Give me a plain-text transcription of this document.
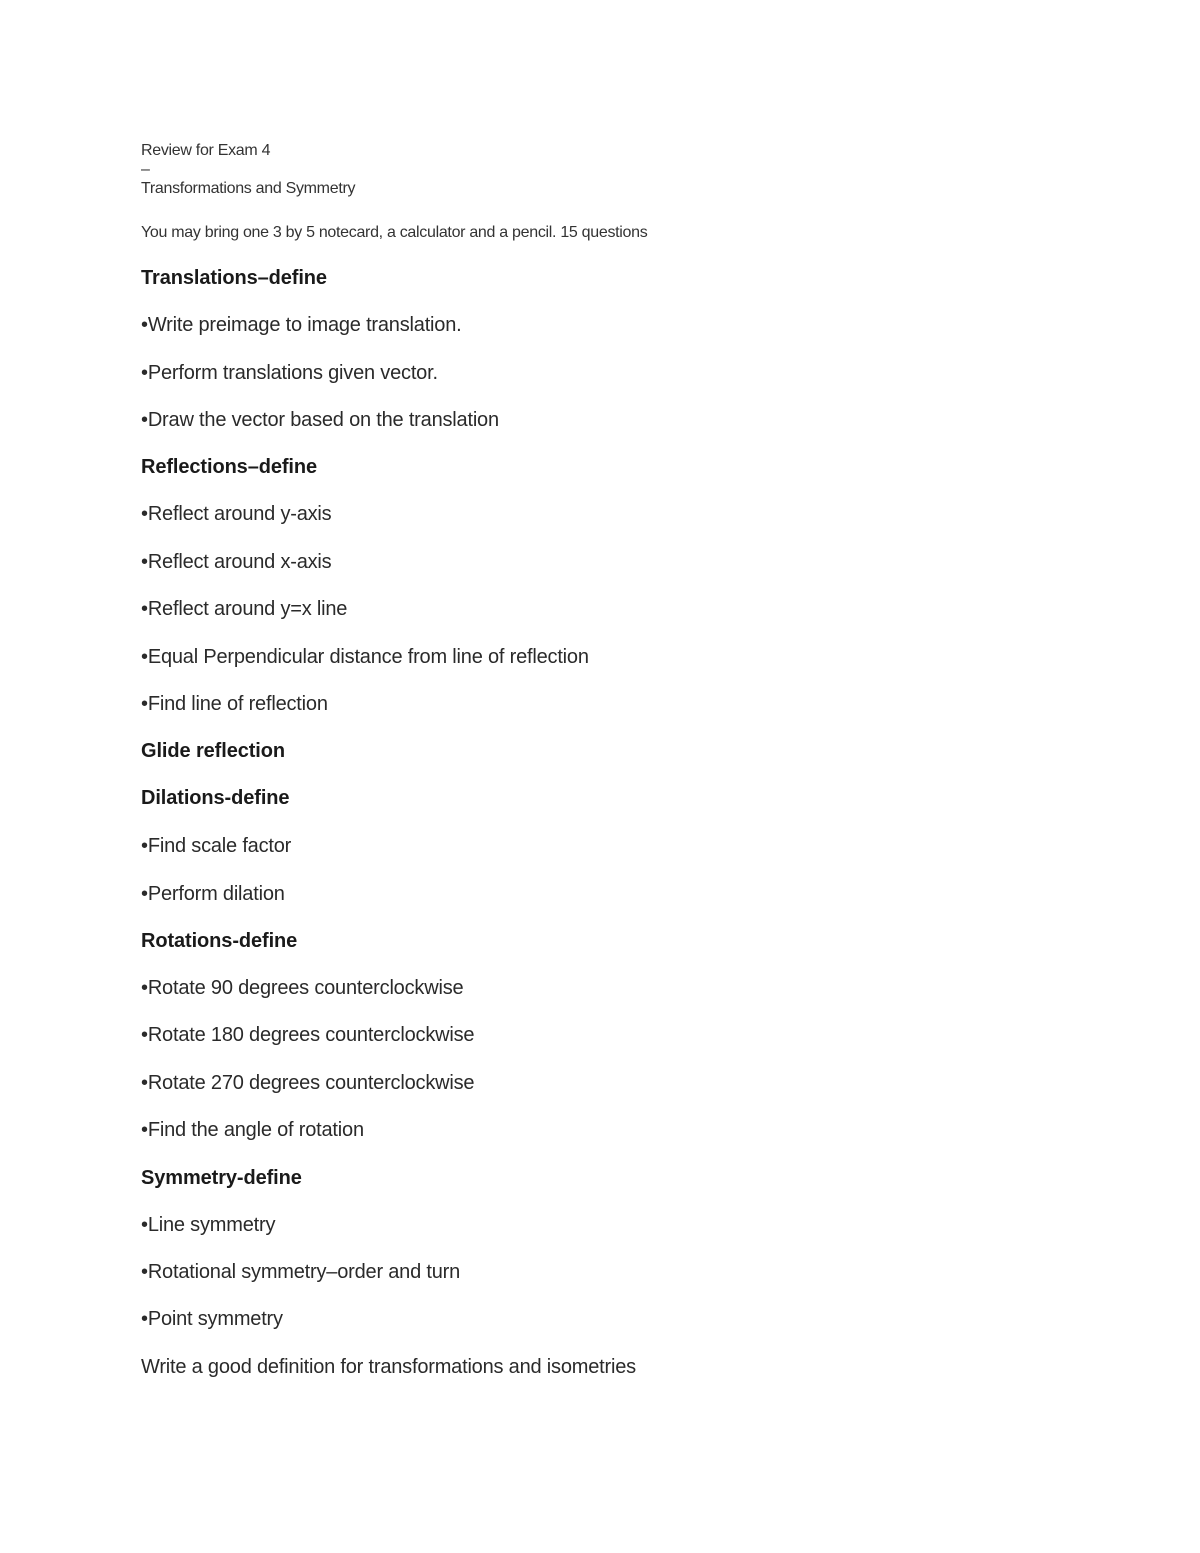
Review for Exam 4
–
Transformations and Symmetry
You may bring one 3 by 5 notecard, a calculator and a pencil. 15 questions
Translations–define
•Write preimage to image translation.
•Perform translations given vector.
•Draw the vector based on the translation
Reflections–define
•Reflect around y-axis
•Reflect around x-axis
•Reflect around y=x line
•Equal Perpendicular distance from line of reflection
•Find line of reflection
Glide reflection
Dilations-define
•Find scale factor
•Perform dilation
Rotations-define
•Rotate 90 degrees counterclockwise
•Rotate 180 degrees counterclockwise
•Rotate 270 degrees counterclockwise
•Find the angle of rotation
Symmetry-define
•Line symmetry
•Rotational symmetry–order and turn
•Point symmetry
Write a good definition for transformations and isometries
